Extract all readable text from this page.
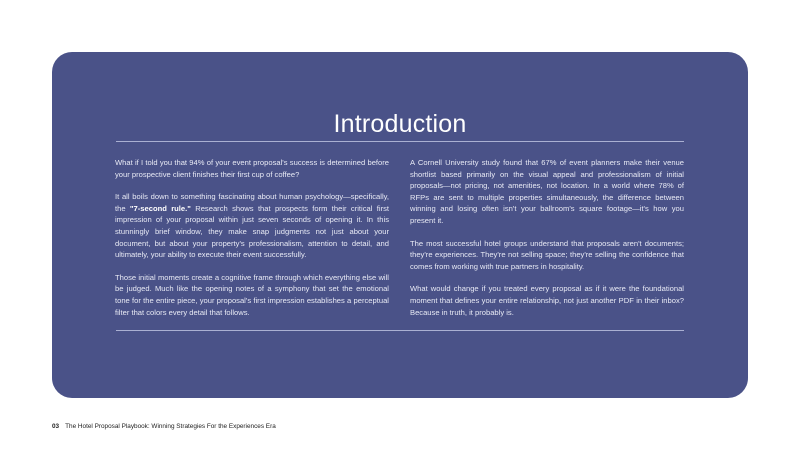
Introduction

What if I told you that 94% of your event proposal's success is determined before your prospective client finishes their first cup of coffee?

It all boils down to something fascinating about human psychology—specifically, the "7-second rule." Research shows that prospects form their critical first impression of your proposal within just seven seconds of opening it. In this stunningly brief window, they make snap judgments not just about your document, but about your property's professionalism, attention to detail, and ultimately, your ability to execute their event successfully.

Those initial moments create a cognitive frame through which everything else will be judged. Much like the opening notes of a symphony that set the emotional tone for the entire piece, your proposal's first impression establishes a perceptual filter that colors every detail that follows.

A Cornell University study found that 67% of event planners make their venue shortlist based primarily on the visual appeal and professionalism of initial proposals—not pricing, not amenities, not location. In a world where 78% of RFPs are sent to multiple properties simultaneously, the difference between winning and losing often isn't your ballroom's square footage—it's how you present it.

The most successful hotel groups understand that proposals aren't documents; they're experiences. They're not selling space; they're selling the confidence that comes from working with true partners in hospitality.

What would change if you treated every proposal as if it were the foundational moment that defines your entire relationship, not just another PDF in their inbox? Because in truth, it probably is.

03 The Hotel Proposal Playbook: Winning Strategies For the Experiences Era
